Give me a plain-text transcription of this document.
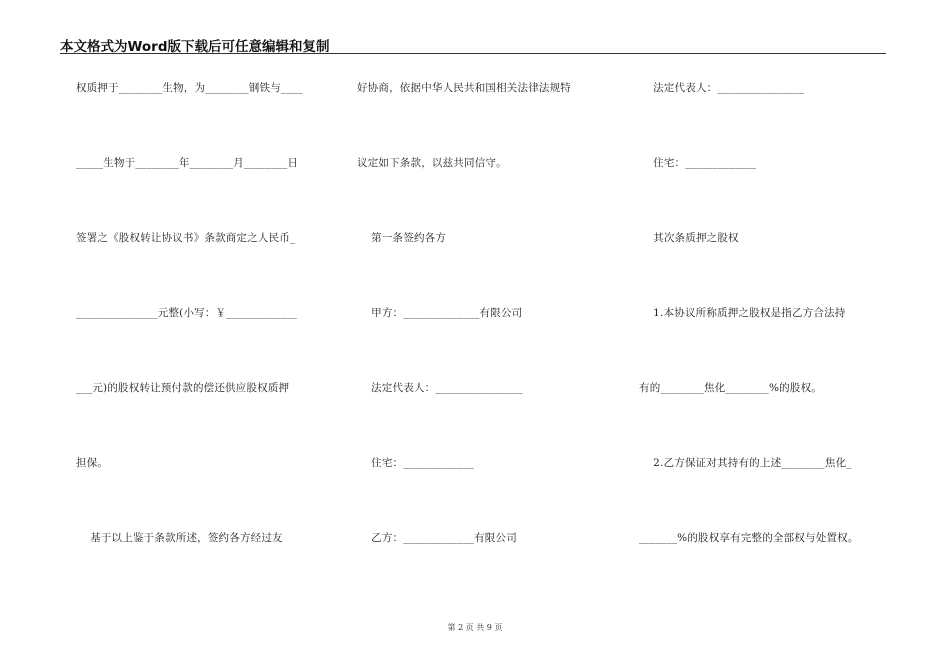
本文格式为Word版下载后可任意编辑和复制
权质押于________生物，为________钢铁与____
_____生物于________年________月________日
签署之《股权转让协议书》条款商定之人民币_
_______________元整(小写：￥_____________
___元)的股权转让预付款的偿还供应股权质押
担保。
基于以上鉴于条款所述，签约各方经过友
好协商，依据中华人民共和国相关法律法规特
议定如下条款，以兹共同信守。
第一条签约各方
甲方：______________有限公司
法定代表人：________________
住宅：_____________
乙方：_____________有限公司
法定代表人：________________
住宅：_____________
其次条质押之股权
1.本协议所称质押之股权是指乙方合法持
有的________焦化________%的股权。
2.乙方保证对其持有的上述________焦化_
_______%的股权享有完整的全部权与处置权。
第 2 页 共 9 页
